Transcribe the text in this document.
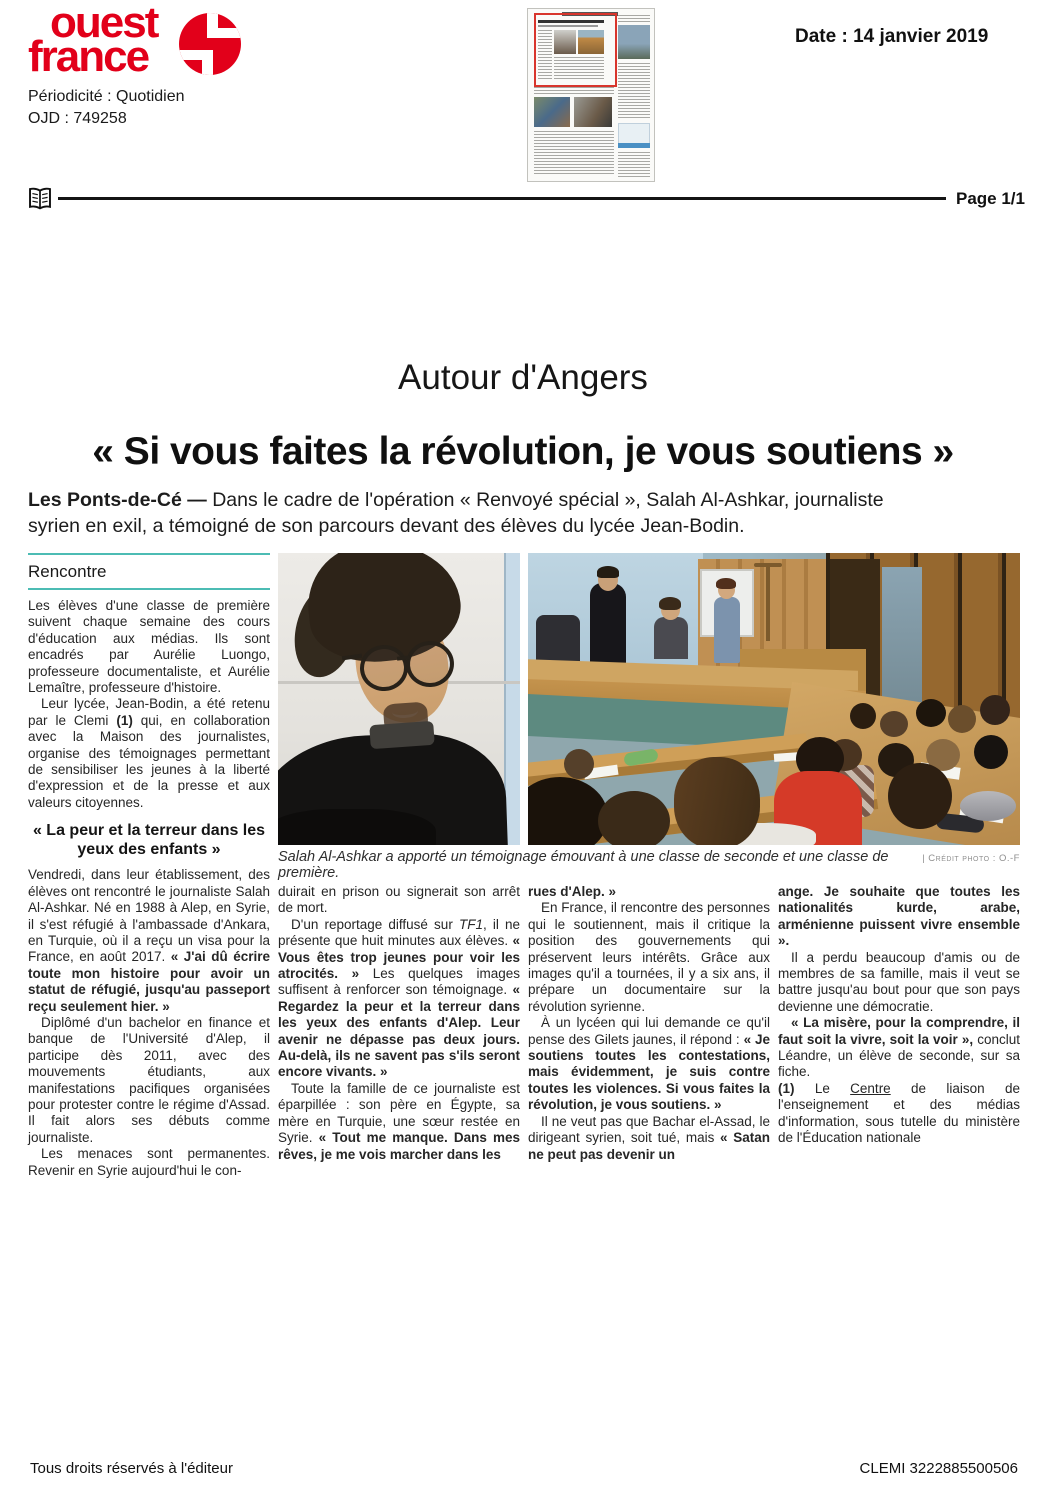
ouest
france
Périodicité : Quotidien
OJD : 749258
Date : 14 janvier 2019
Page 1/1
Autour d'Angers
« Si vous faites la révolution, je vous soutiens »
Les Ponts-de-Cé — Dans le cadre de l'opération « Renvoyé spécial », Salah Al-Ashkar, journaliste syrien en exil, a témoigné de son parcours devant des élèves du lycée Jean-Bodin.
Rencontre

Les élèves d'une classe de première suivent chaque semaine des cours d'éducation aux médias. Ils sont encadrés par Aurélie Luongo, professeure documentaliste, et Aurélie Lemaître, professeure d'histoire.

Leur lycée, Jean-Bodin, a été retenu par le Clemi (1) qui, en collaboration avec la Maison des journalistes, organise des témoignages permettant de sensibiliser les jeunes à la liberté d'expression et de la presse et aux valeurs citoyennes.

« La peur et la terreur dans les yeux des enfants »

Vendredi, dans leur établissement, des élèves ont rencontré le journaliste Salah Al-Ashkar. Né en 1988 à Alep, en Syrie, il s'est réfugié à l'ambassade d'Ankara, en Turquie, où il a reçu un visa pour la France, en août 2017. « J'ai dû écrire toute mon histoire pour avoir un statut de réfugié, jusqu'au passeport reçu seulement hier. »

Diplômé d'un bachelor en finance et banque de l'Université d'Alep, il participe dès 2011, avec des mouvements étudiants, aux manifestations pacifiques organisées pour protester contre le régime d'Assad. Il fait alors ses débuts comme journaliste.

Les menaces sont permanentes. Revenir en Syrie aujourd'hui le con-

Salah Al-Ashkar a apporté un témoignage émouvant à une classe de seconde et une classe de première.
| Crédit photo : O.-F

duirait en prison ou signerait son arrêt de mort.

D'un reportage diffusé sur TF1, il ne présente que huit minutes aux élèves. « Vous êtes trop jeunes pour voir les atrocités. » Les quelques images suffisent à renforcer son témoignage. « Regardez la peur et la terreur dans les yeux des enfants d'Alep. Leur avenir ne dépasse pas deux jours. Au-delà, ils ne savent pas s'ils seront encore vivants. »

Toute la famille de ce journaliste est éparpillée : son père en Égypte, sa mère en Turquie, une sœur restée en Syrie. « Tout me manque. Dans mes rêves, je me vois marcher dans les

rues d'Alep. »

En France, il rencontre des personnes qui le soutiennent, mais il critique la position des gouvernements qui préservent leurs intérêts. Grâce aux images qu'il a tournées, il y a six ans, il prépare un documentaire sur la révolution syrienne.

À un lycéen qui lui demande ce qu'il pense des Gilets jaunes, il répond : « Je soutiens toutes les contestations, mais évidemment, je suis contre toutes les violences. Si vous faites la révolution, je vous soutiens. »

Il ne veut pas que Bachar el-Assad, le dirigeant syrien, soit tué, mais « Satan ne peut pas devenir un

ange. Je souhaite que toutes les nationalités kurde, arabe, arménienne puissent vivre ensemble ».

Il a perdu beaucoup d'amis ou de membres de sa famille, mais il veut se battre jusqu'au bout pour que son pays devienne une démocratie.

« La misère, pour la comprendre, il faut soit la vivre, soit la voir », conclut Léandre, un élève de seconde, sur sa fiche.

(1) Le Centre de liaison de l'enseignement et des médias d'information, sous tutelle du ministère de l'Éducation nationale

Tous droits réservés à l'éditeur	CLEMI 3222885500506
